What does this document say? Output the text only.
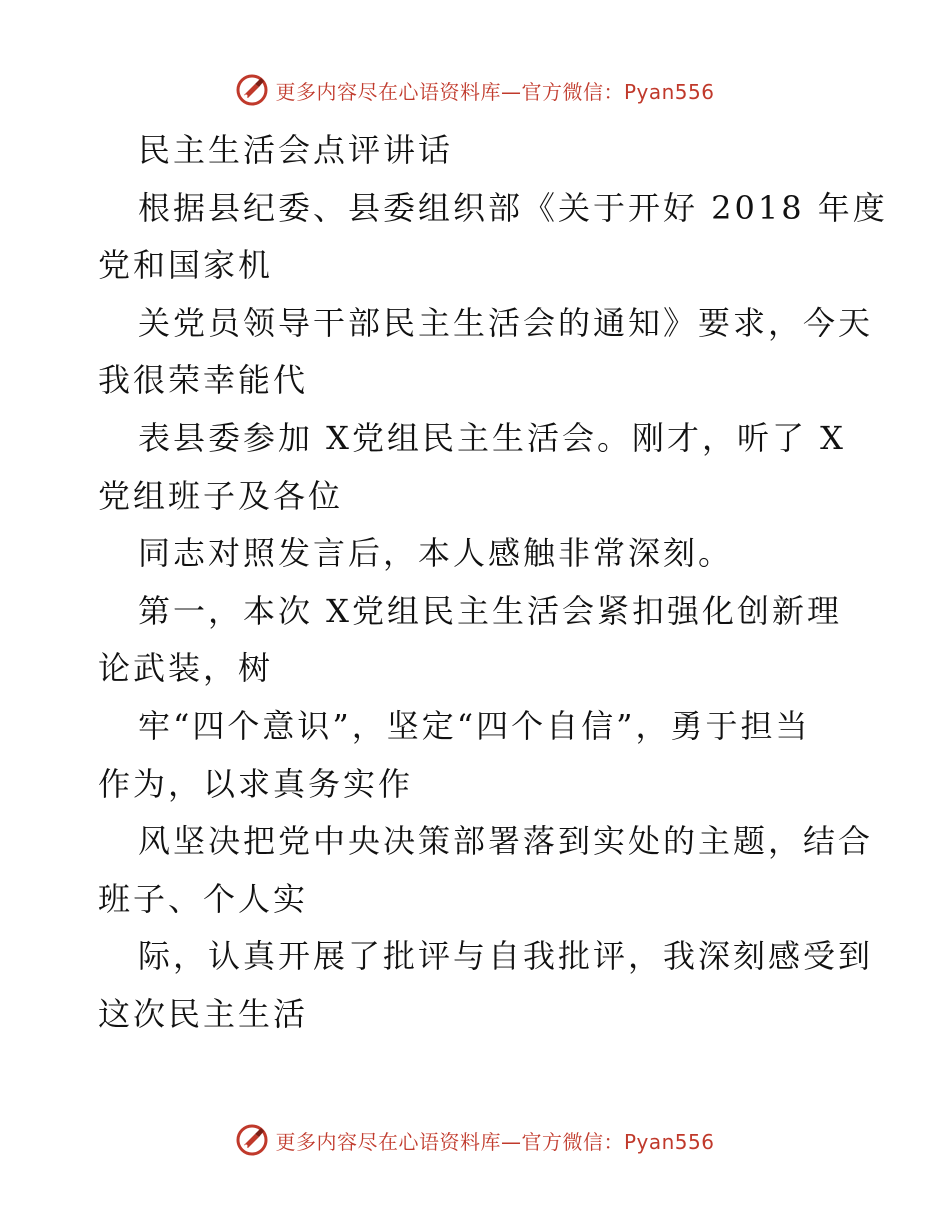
更多内容尽在心语资料库—官方微信：Pyan556
民主生活会点评讲话
根据县纪委、县委组织部《关于开好 2018 年度
党和国家机
关党员领导干部民主生活会的通知》要求，今天
我很荣幸能代
表县委参加 X党组民主生活会。刚才，听了 X
党组班子及各位
同志对照发言后，本人感触非常深刻。
第一，本次 X党组民主生活会紧扣强化创新理
论武装，树
牢“四个意识”，坚定“四个自信”，勇于担当
作为，以求真务实作
风坚决把党中央决策部署落到实处的主题，结合
班子、个人实
际，认真开展了批评与自我批评，我深刻感受到
这次民主生活
更多内容尽在心语资料库—官方微信：Pyan556
